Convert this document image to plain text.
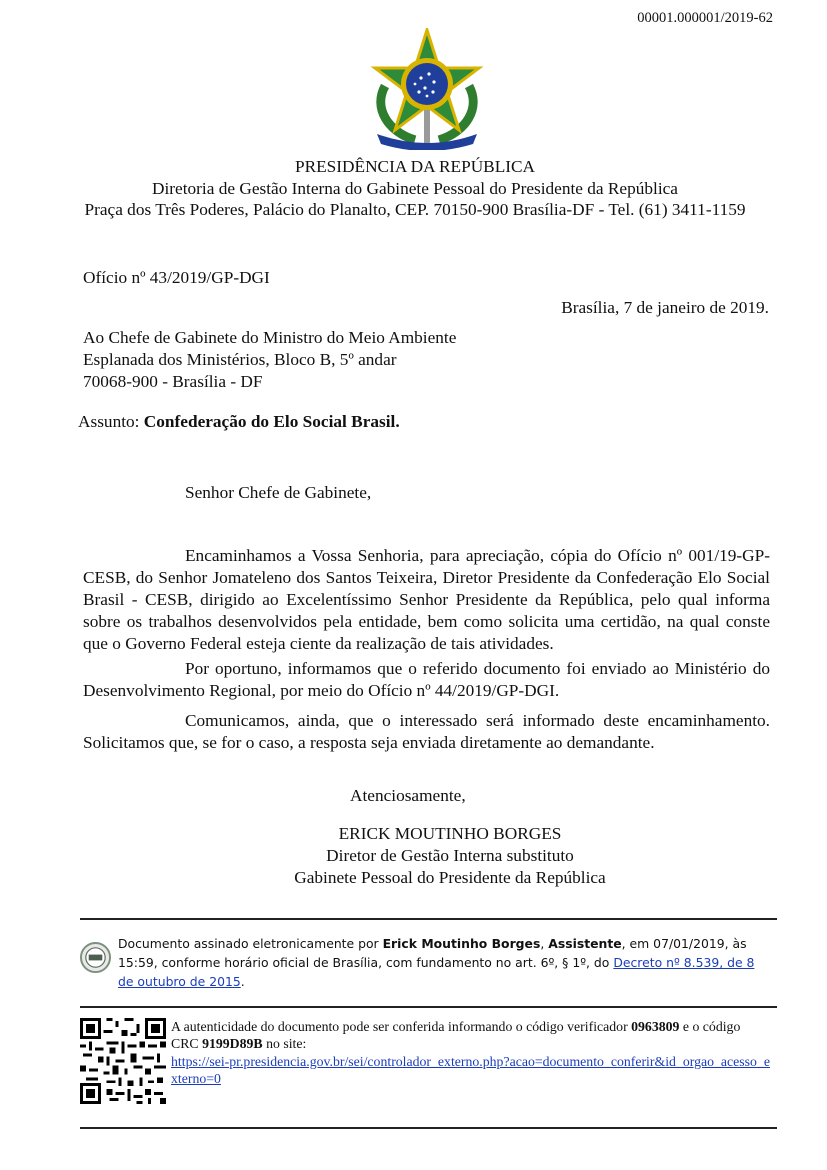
00001.000001/2019-62
PRESIDÊNCIA DA REPÚBLICA
Diretoria de Gestão Interna do Gabinete Pessoal do Presidente da República
Praça dos Três Poderes, Palácio do Planalto, CEP. 70150-900 Brasília-DF - Tel. (61) 3411-1159
Ofício nº 43/2019/GP-DGI
Brasília, 7 de janeiro de 2019.
Ao Chefe de Gabinete do Ministro do Meio Ambiente
Esplanada dos Ministérios, Bloco B, 5º andar
70068-900 - Brasília - DF
Assunto: Confederação do Elo Social Brasil.
Senhor Chefe de Gabinete,

Encaminhamos a Vossa Senhoria, para apreciação, cópia do Ofício nº 001/19-GP-CESB, do Senhor Jomateleno dos Santos Teixeira, Diretor Presidente da Confederação Elo Social Brasil - CESB, dirigido ao Excelentíssimo Senhor Presidente da República, pelo qual informa sobre os trabalhos desenvolvidos pela entidade, bem como solicita uma certidão, na qual conste que o Governo Federal esteja ciente da realização de tais atividades.

Por oportuno, informamos que o referido documento foi enviado ao Ministério do Desenvolvimento Regional, por meio do Ofício nº 44/2019/GP-DGI.

Comunicamos, ainda, que o interessado será informado deste encaminhamento. Solicitamos que, se for o caso, a resposta seja enviada diretamente ao demandante.

Atenciosamente,
ERICK MOUTINHO BORGES
Diretor de Gestão Interna substituto
Gabinete Pessoal do Presidente da República
Documento assinado eletronicamente por Erick Moutinho Borges, Assistente, em 07/01/2019, às 15:59, conforme horário oficial de Brasília, com fundamento no art. 6º, § 1º, do Decreto nº 8.539, de 8 de outubro de 2015.
A autenticidade do documento pode ser conferida informando o código verificador 0963809 e o código CRC 9199D89B no site:
https://sei-pr.presidencia.gov.br/sei/controlador_externo.php?acao=documento_conferir&id_orgao_acesso_externo=0
